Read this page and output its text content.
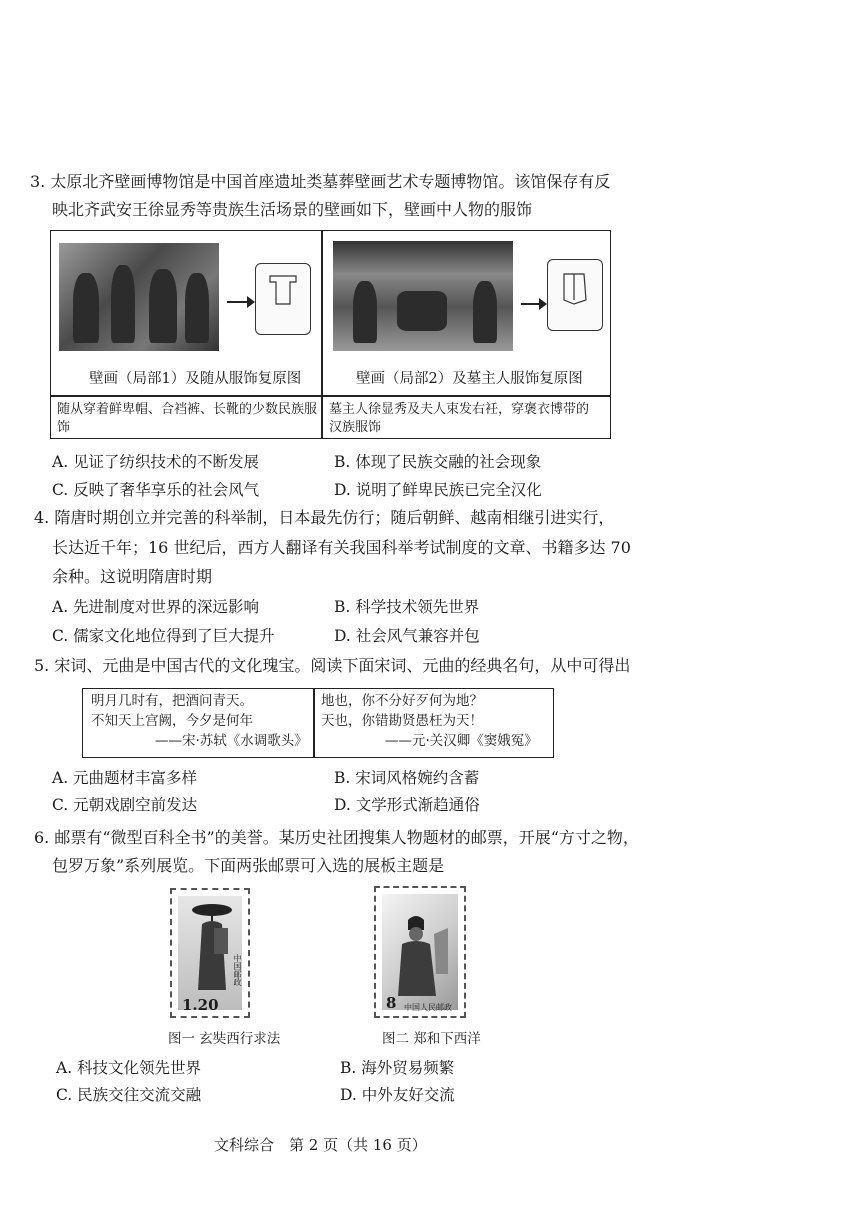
3. 太原北齐壁画博物馆是中国首座遗址类墓葬壁画艺术专题博物馆。该馆保存有反
映北齐武安王徐显秀等贵族生活场景的壁画如下，壁画中人物的服饰
壁画（局部1）及随从服饰复原图	壁画（局部2）及墓主人服饰复原图
随从穿着鲜卑帽、合裆裤、长靴的少数民族服饰
墓主人徐显秀及夫人束发右衽，穿褒衣博带的汉族服饰
A. 见证了纺织技术的不断发展	B. 体现了民族交融的社会现象
C. 反映了奢华享乐的社会风气	D. 说明了鲜卑民族已完全汉化
4. 隋唐时期创立并完善的科举制，日本最先仿行；随后朝鲜、越南相继引进实行，
长达近千年；16 世纪后，西方人翻译有关我国科举考试制度的文章、书籍多达 70
余种。这说明隋唐时期
A. 先进制度对世界的深远影响	B. 科学技术领先世界
C. 儒家文化地位得到了巨大提升	D. 社会风气兼容并包
5. 宋词、元曲是中国古代的文化瑰宝。阅读下面宋词、元曲的经典名句，从中可得出
明月几时有，把酒问青天。
不知天上宫阙，今夕是何年
——宋·苏轼《水调歌头》
地也，你不分好歹何为地？
天也，你错勘贤愚枉为天！
——元·关汉卿《窦娥冤》
A. 元曲题材丰富多样	B. 宋词风格婉约含蓄
C. 元朝戏剧空前发达	D. 文学形式渐趋通俗
6. 邮票有“微型百科全书”的美誉。某历史社团搜集人物题材的邮票，开展“方寸之物，
包罗万象”系列展览。下面两张邮票可入选的展板主题是
中国邮政
1.20	8 中国人民邮政
图一 玄奘西行求法	图二 郑和下西洋
A. 科技文化领先世界	B. 海外贸易频繁
C. 民族交往交流交融	D. 中外友好交流
文科综合　第 2 页（共 16 页）
